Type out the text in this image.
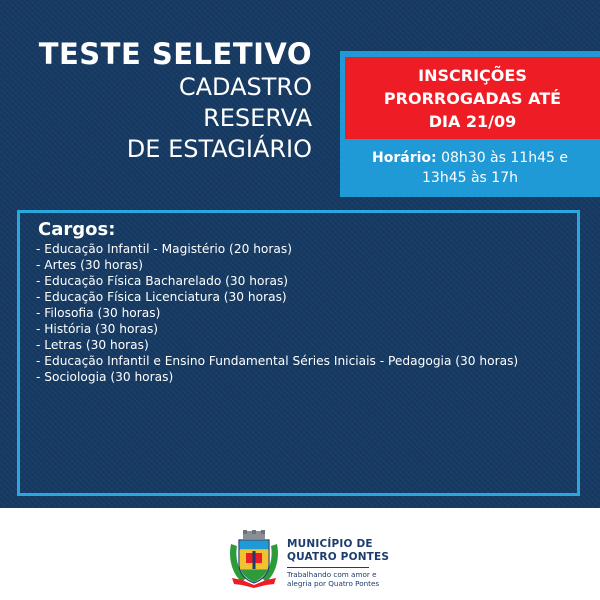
TESTE SELETIVO
CADASTRO
RESERVA
DE ESTAGIÁRIO
INSCRIÇÕES
PRORROGADAS ATÉ
DIA 21/09
Horário: 08h30 às 11h45 e
13h45 às 17h
Cargos:
- Educação Infantil - Magistério (20 horas)
- Artes (30 horas)
- Educação Física Bacharelado (30 horas)
- Educação Física Licenciatura (30 horas)
- Filosofia (30 horas)
- História (30 horas)
- Letras (30 horas)
- Educação Infantil e Ensino Fundamental Séries Iniciais - Pedagogia (30 horas)
- Sociologia (30 horas)
MUNICÍPIO DE
QUATRO PONTES
Trabalhando com amor e
alegria por Quatro Pontes
